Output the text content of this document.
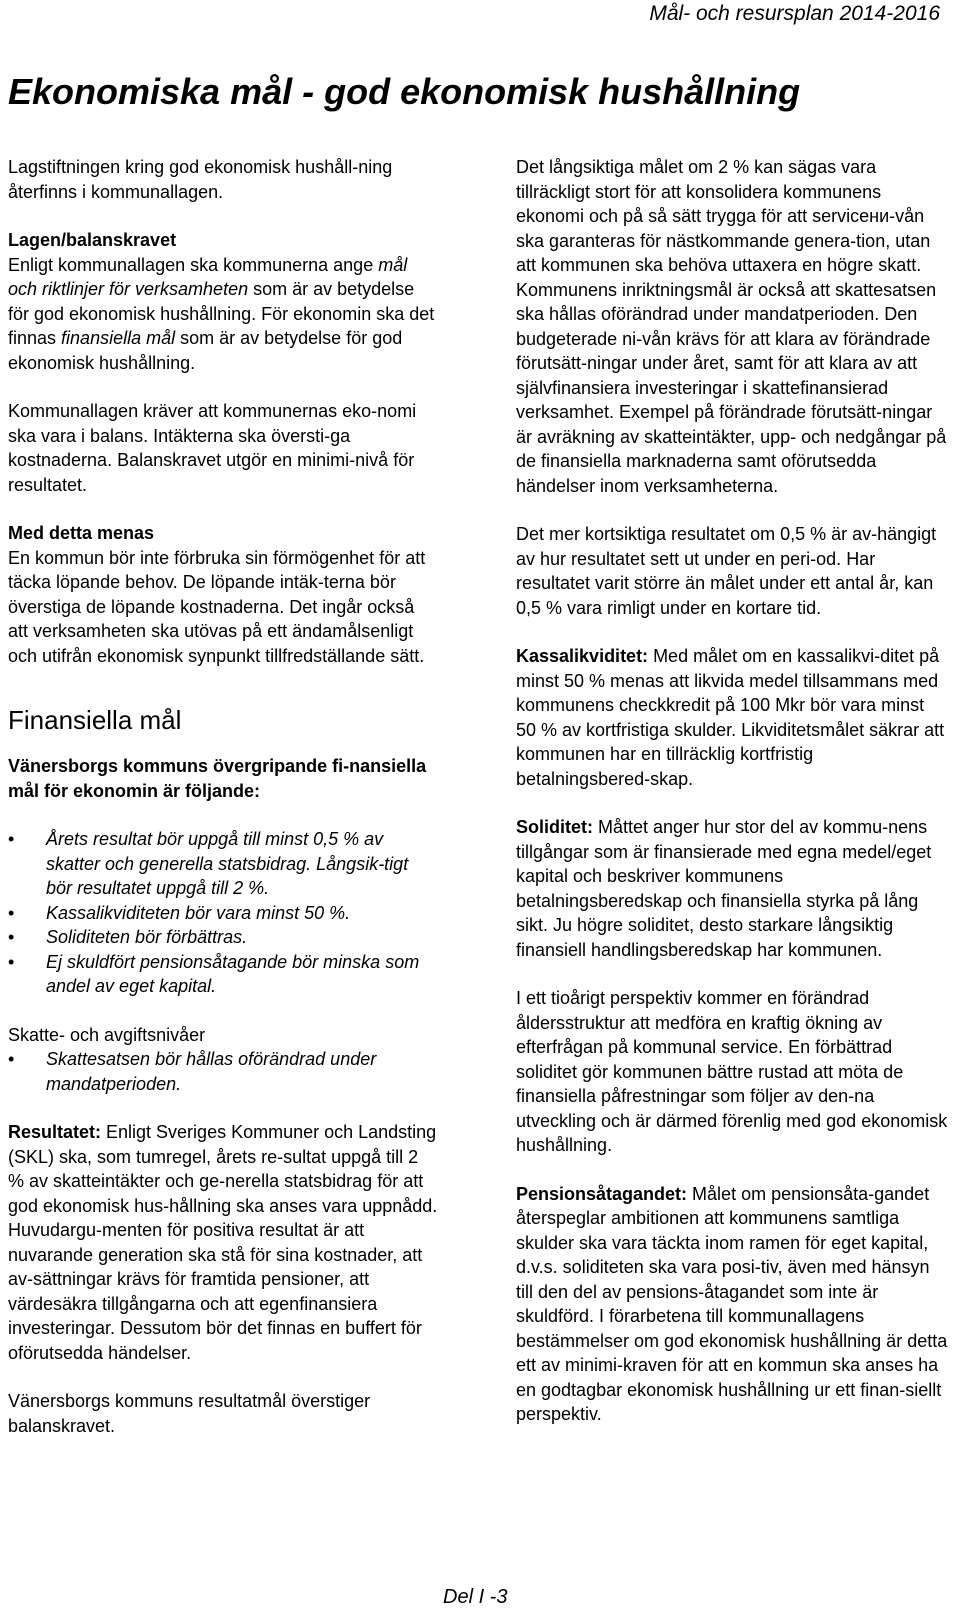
Mål- och resursplan 2014-2016
Ekonomiska mål - god ekonomisk hushållning

Lagstiftningen kring god ekonomisk hushåll-ning återfinns i kommunallagen.

Lagen/balanskravet

Enligt kommunallagen ska kommunerna ange mål och riktlinjer för verksamheten som är av betydelse för god ekonomisk hushållning. För ekonomin ska det finnas finansiella mål som är av betydelse för god ekonomisk hushållning.

Kommunallagen kräver att kommunernas eko-nomi ska vara i balans. Intäkterna ska översti-ga kostnaderna. Balanskravet utgör en minimi-nivå för resultatet.

Med detta menas

En kommun bör inte förbruka sin förmögenhet för att täcka löpande behov. De löpande intäk-terna bör överstiga de löpande kostnaderna. Det ingår också att verksamheten ska utövas på ett ändamålsenligt och utifrån ekonomisk synpunkt tillfredställande sätt.

Finansiella mål

Vänersborgs kommuns övergripande fi-nansiella mål för ekonomin är följande:

• Årets resultat bör uppgå till minst 0,5 % av skatter och generella statsbidrag. Långsik-tigt bör resultatet uppgå till 2 %.
• Kassalikviditeten bör vara minst 50 %.
• Soliditeten bör förbättras.
• Ej skuldfört pensionsåtagande bör minska som andel av eget kapital.

Skatte- och avgiftsnivåer

• Skattesatsen bör hållas oförändrad under mandatperioden.

Resultatet: Enligt Sveriges Kommuner och Landsting (SKL) ska, som tumregel, årets re-sultat uppgå till 2 % av skatteintäkter och ge-nerella statsbidrag för att god ekonomisk hus-hållning ska anses vara uppnådd. Huvudargu-menten för positiva resultat är att nuvarande generation ska stå för sina kostnader, att av-sättningar krävs för framtida pensioner, att värdesäkra tillgångarna och att egenfinansiera investeringar. Dessutom bör det finnas en buffert för oförutsedda händelser.

Vänersborgs kommuns resultatmål överstiger balanskravet.

Det långsiktiga målet om 2 % kan sägas vara tillräckligt stort för att konsolidera kommunens ekonomi och på så sätt trygga för att servicени-vån ska garanteras för nästkommande genera-tion, utan att kommunen ska behöva uttaxera en högre skatt. Kommunens inriktningsmål är också att skattesatsen ska hållas oförändrad under mandatperioden. Den budgeterade ni-vån krävs för att klara av förändrade förutsätt-ningar under året, samt för att klara av att självfinansiera investeringar i skattefinansierad verksamhet. Exempel på förändrade förutsätt-ningar är avräkning av skatteintäkter, upp- och nedgångar på de finansiella marknaderna samt oförutsedda händelser inom verksamheterna.

Det mer kortsiktiga resultatet om 0,5 % är av-hängigt av hur resultatet sett ut under en peri-od. Har resultatet varit större än målet under ett antal år, kan 0,5 % vara rimligt under en kortare tid.

Kassalikviditet: Med målet om en kassalikvi-ditet på minst 50 % menas att likvida medel tillsammans med kommunens checkkredit på 100 Mkr bör vara minst 50 % av kortfristiga skulder. Likviditetsmålet säkrar att kommunen har en tillräcklig kortfristig betalningsbered-skap.

Soliditet: Måttet anger hur stor del av kommu-nens tillgångar som är finansierade med egna medel/eget kapital och beskriver kommunens betalningsberedskap och finansiella styrka på lång sikt. Ju högre soliditet, desto starkare långsiktig finansiell handlingsberedskap har kommunen.

I ett tioårigt perspektiv kommer en förändrad åldersstruktur att medföra en kraftig ökning av efterfrågan på kommunal service. En förbättrad soliditet gör kommunen bättre rustad att möta de finansiella påfrestningar som följer av den-na utveckling och är därmed förenlig med god ekonomisk hushållning.

Pensionsåtagandet: Målet om pensionsåta-gandet återspeglar ambitionen att kommunens samtliga skulder ska vara täckta inom ramen för eget kapital, d.v.s. soliditeten ska vara posi-tiv, även med hänsyn till den del av pensions-åtagandet som inte är skuldförd. I förarbetena till kommunallagens bestämmelser om god ekonomisk hushållning är detta ett av minimi-kraven för att en kommun ska anses ha en godtagbar ekonomisk hushållning ur ett finan-siellt perspektiv.

Del I -3
